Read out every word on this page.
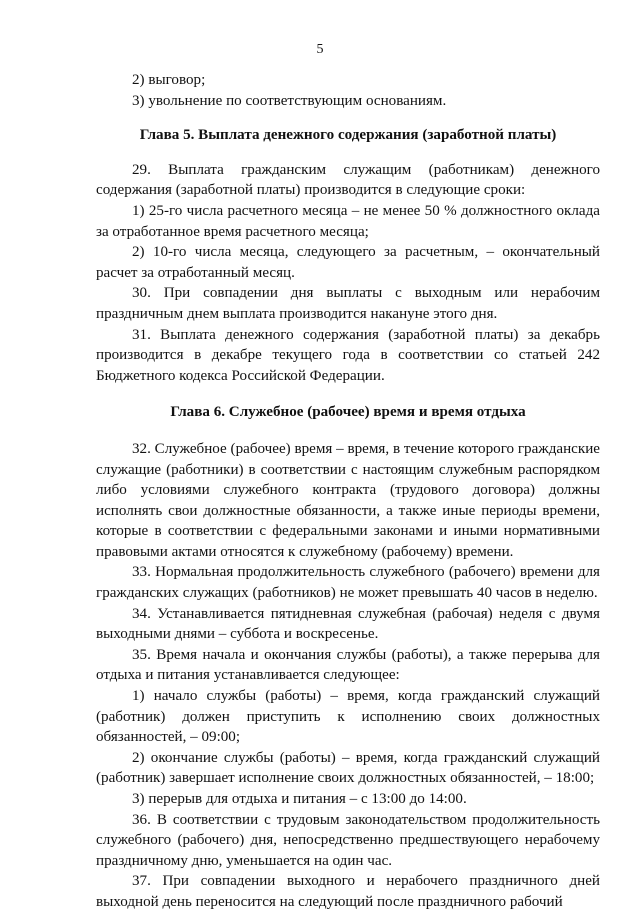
5

2) выговор;

3) увольнение по соответствующим основаниям.

Глава 5. Выплата денежного содержания (заработной платы)

29. Выплата гражданским служащим (работникам) денежного содержания (заработной платы) производится в следующие сроки:

1) 25-го числа расчетного месяца – не менее 50 % должностного оклада за отработанное время расчетного месяца;

2) 10-го числа месяца, следующего за расчетным, – окончательный расчет за отработанный месяц.

30. При совпадении дня выплаты с выходным или нерабочим праздничным днем выплата производится накануне этого дня.

31. Выплата денежного содержания (заработной платы) за декабрь производится в декабре текущего года в соответствии со статьей 242 Бюджетного кодекса Российской Федерации.

Глава 6. Служебное (рабочее) время и время отдыха

32. Служебное (рабочее) время – время, в течение которого гражданские служащие (работники) в соответствии с настоящим служебным распорядком либо условиями служебного контракта (трудового договора) должны исполнять свои должностные обязанности, а также иные периоды времени, которые в соответствии с федеральными законами и иными нормативными правовыми актами относятся к служебному (рабочему) времени.

33. Нормальная продолжительность служебного (рабочего) времени для гражданских служащих (работников) не может превышать 40 часов в неделю.

34. Устанавливается пятидневная служебная (рабочая) неделя с двумя выходными днями – суббота и воскресенье.

35. Время начала и окончания службы (работы), а также перерыва для отдыха и питания устанавливается следующее:

1) начало службы (работы) – время, когда гражданский служащий (работник) должен приступить к исполнению своих должностных обязанностей, – 09:00;

2) окончание службы (работы) – время, когда гражданский служащий (работник) завершает исполнение своих должностных обязанностей, – 18:00;

3) перерыв для отдыха и питания – с 13:00 до 14:00.

36. В соответствии с трудовым законодательством продолжительность служебного (рабочего) дня, непосредственно предшествующего нерабочему праздничному дню, уменьшается на один час.

37. При совпадении выходного и нерабочего праздничного дней выходной день переносится на следующий после праздничного рабочий
